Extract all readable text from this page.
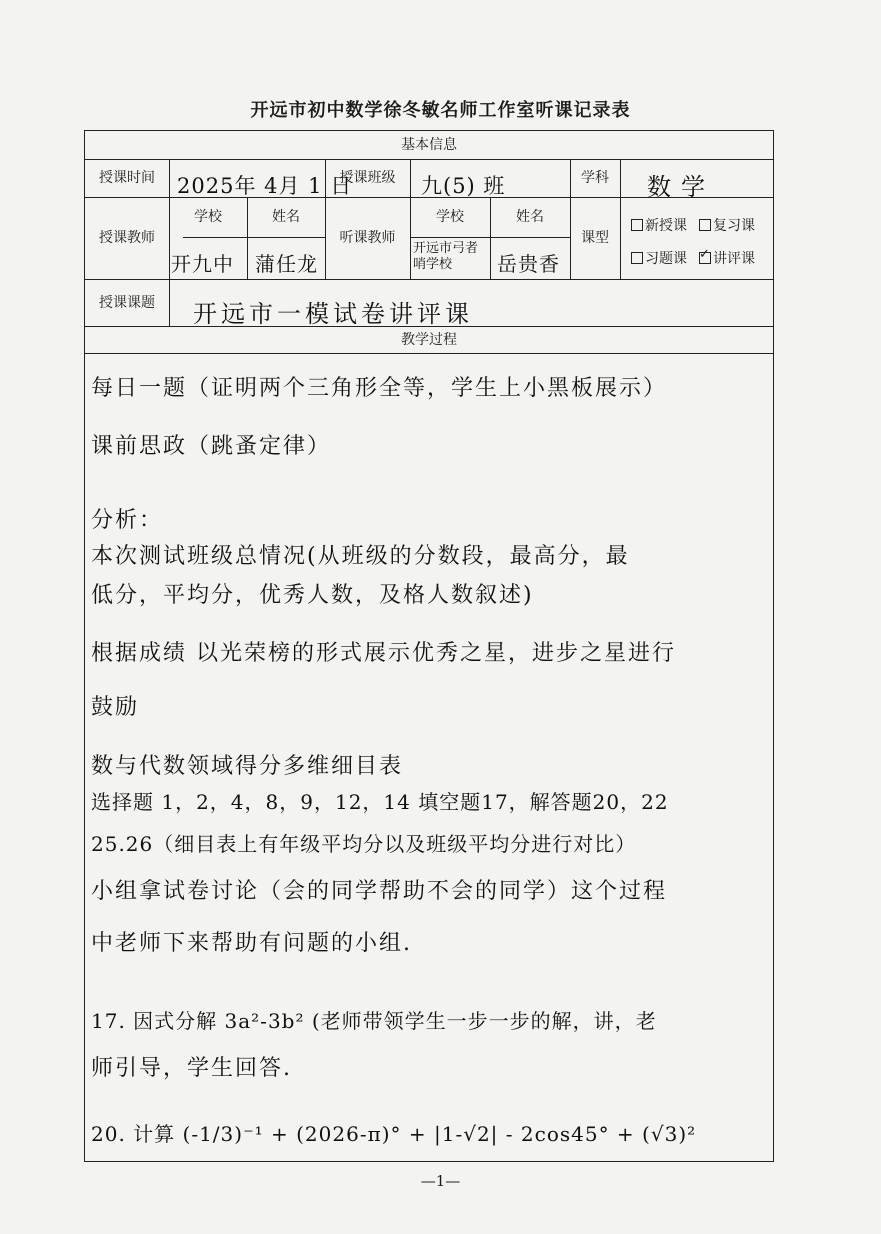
开远市初中数学徐冬敏名师工作室听课记录表
基本信息
授课时间	2025年 4月 1 日
授课班级	九(5) 班	学科	数学
授课教师
学校	姓名
开九中 蒲任龙
听课教师
学校	姓名
开远市弓者哨学校	岳贵香
课型
新授课 复习课
习题课
✓ 讲评课
授课课题	开远市一模试卷讲评课
教学过程
每日一题（证明两个三角形全等，学生上小黑板展示）
课前思政（跳蚤定律）
分析：
本次测试班级总情况(从班级的分数段，最高分，最
低分，平均分，优秀人数，及格人数叙述)
根据成绩 以光荣榜的形式展示优秀之星，进步之星进行
鼓励
数与代数领域得分多维细目表
选择题 1，2，4，8，9，12，14 填空题17，解答题20，22
25.26（细目表上有年级平均分以及班级平均分进行对比）
小组拿试卷讨论（会的同学帮助不会的同学）这个过程
中老师下来帮助有问题的小组.
17. 因式分解 3a²-3b² (老师带领学生一步一步的解，讲，老
师引导，学生回答.
20. 计算 (-1/3)⁻¹ + (2026-π)° + |1-√2| - 2cos45° + (√3)²
—1—
